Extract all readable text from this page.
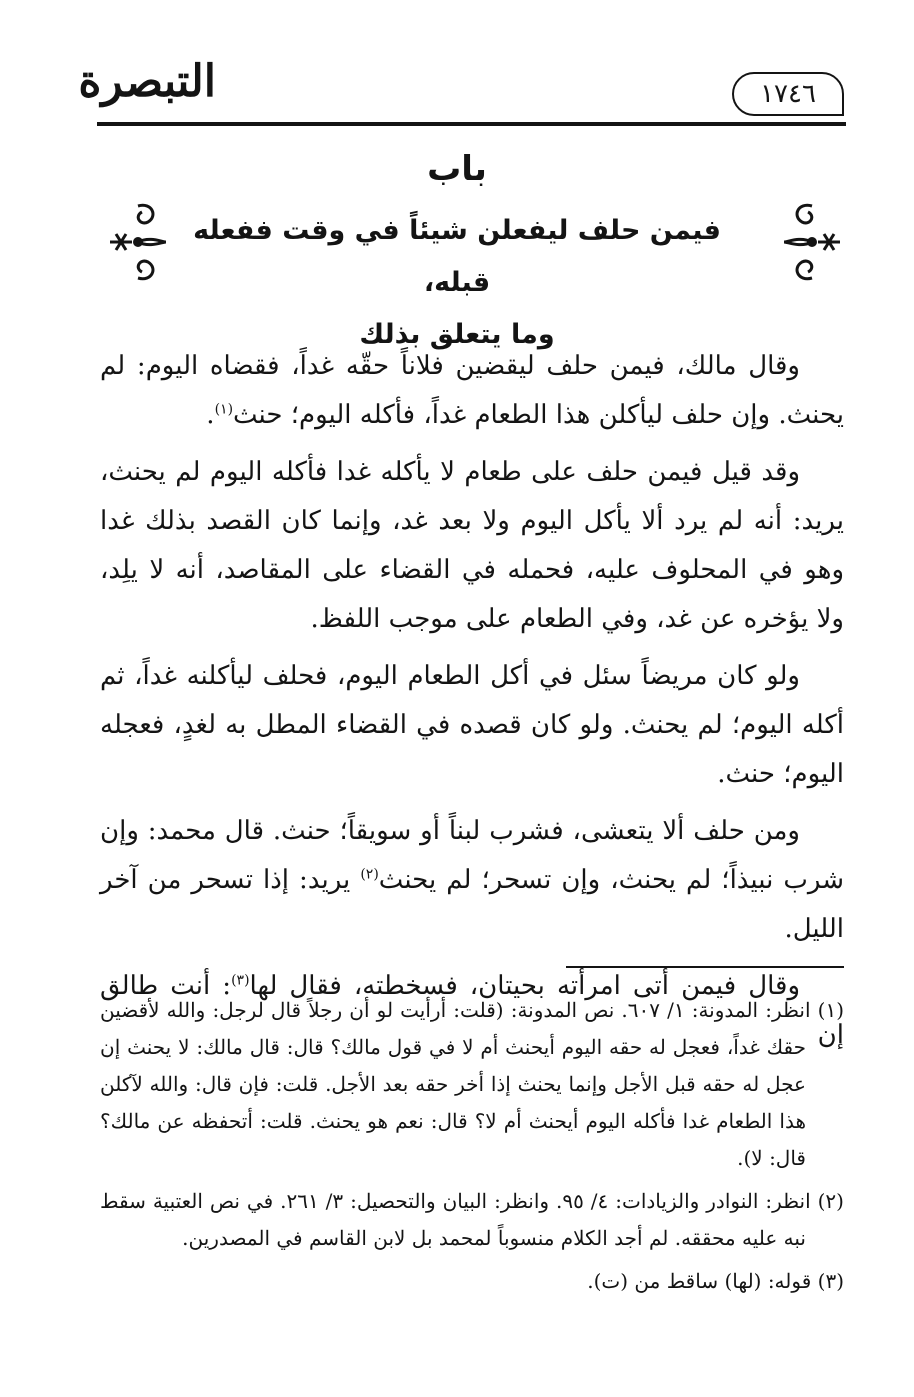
التبصرة	١٧٤٦
باب
فيمن حلف ليفعلن شيئاً في وقت ففعله قبله،
وما يتعلق بذلك

وقال مالك، فيمن حلف ليقضين فلاناً حقّه غداً، فقضاه اليوم: لم يحنث. وإن حلف ليأكلن هذا الطعام غداً، فأكله اليوم؛ حنث$^{(١)}$.

وقد قيل فيمن حلف على طعام لا يأكله غدا فأكله اليوم لم يحنث، يريد: أنه لم يرد ألا يأكل اليوم ولا بعد غد، وإنما كان القصد بذلك غدا وهو في المحلوف عليه، فحمله في القضاء على المقاصد، أنه لا يلِد، ولا يؤخره عن غد، وفي الطعام على موجب اللفظ.

ولو كان مريضاً سئل في أكل الطعام اليوم، فحلف ليأكلنه غداً، ثم أكله اليوم؛ لم يحنث. ولو كان قصده في القضاء المطل به لغدٍ، فعجله اليوم؛ حنث.

ومن حلف ألا يتعشى، فشرب لبناً أو سويقاً؛ حنث. قال محمد: وإن شرب نبيذاً؛ لم يحنث، وإن تسحر؛ لم يحنث$^{(٢)}$ يريد: إذا تسحر من آخر الليل.

وقال فيمن أتى امرأته بحيتان، فسخطته، فقال لها$^{(٣)}$: أنت طالق إن

(١) انظر: المدونة: ١/ ٦٠٧. نص المدونة: (قلت: أرأيت لو أن رجلاً قال لرجل: والله لأقضين حقك غداً، فعجل له حقه اليوم أيحنث أم لا في قول مالك؟ قال: قال مالك: لا يحنث إن عجل له حقه قبل الأجل وإنما يحنث إذا أخر حقه بعد الأجل. قلت: فإن قال: والله لآكلن هذا الطعام غدا فأكله اليوم أيحنث أم لا؟ قال: نعم هو يحنث. قلت: أتحفظه عن مالك؟ قال: لا).
(٢) انظر: النوادر والزيادات: ٤/ ٩٥. وانظر: البيان والتحصيل: ٣/ ٢٦١. في نص العتبية سقط نبه عليه محققه. لم أجد الكلام منسوباً لمحمد بل لابن القاسم في المصدرين.
(٣) قوله: (لها) ساقط من (ت).
